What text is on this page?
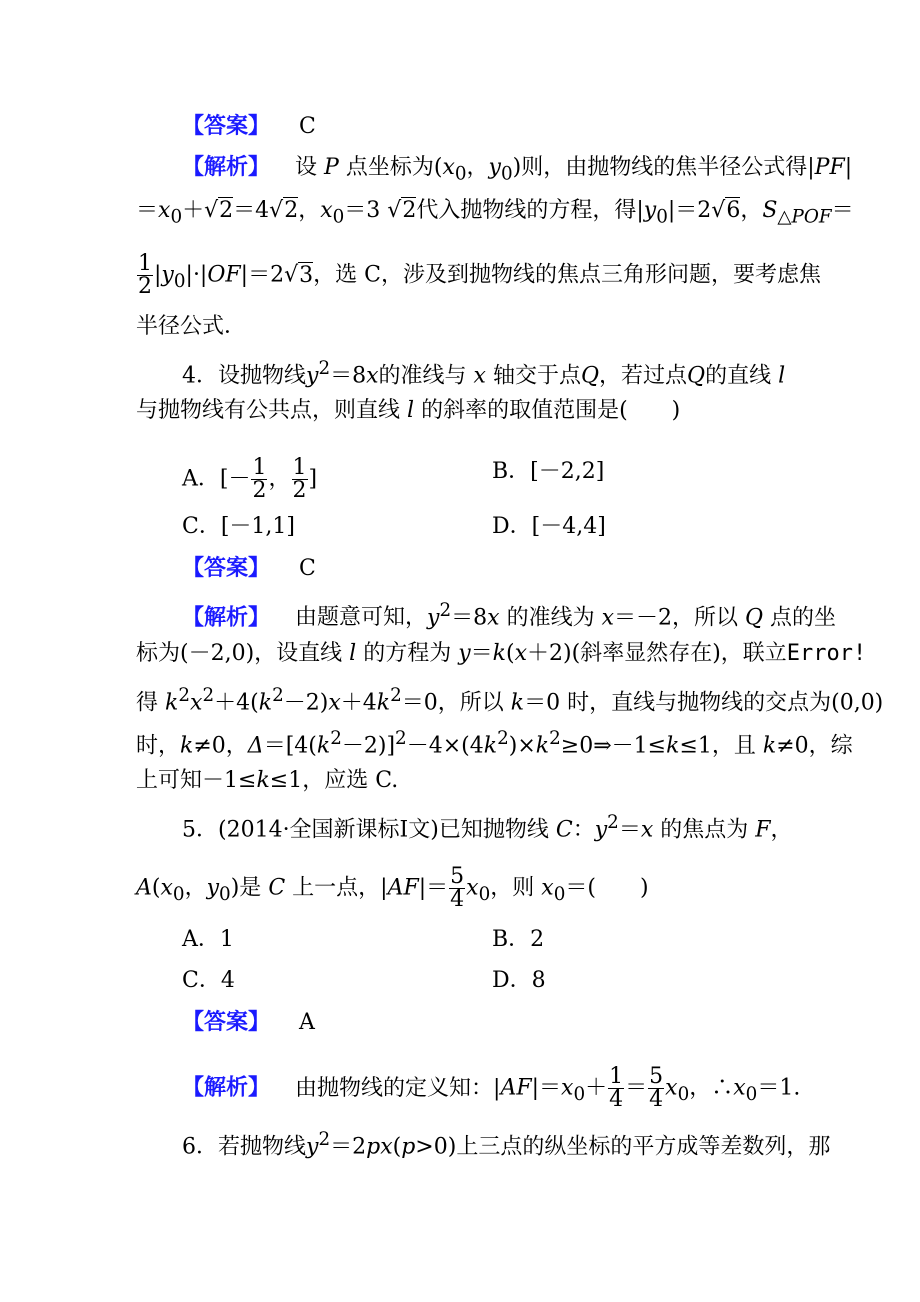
【答案】 C
【解析】 设 P 点坐标为($x_0$，$y_0$)则，由抛物线的焦半径公式得|PF|
$=x_0+√2=4√2$，$x_0=3$ √2代入抛物线的方程，得$|y_0|=2√6$，$S_{\triangle POF}=$
$\frac{1}{2} |y_0|\cdot|OF|=2√3$，选 C，涉及到抛物线的焦点三角形问题，要考虑焦
半径公式．
4．设抛物线$y^2=8x$的准线与 x 轴交于点Q，若过点Q的直线 l
与抛物线有公共点，则直线 l 的斜率的取值范围是(　　)
A．[－ $\frac{1}{2}$ ， $\frac{1}{2}$ ]	B．[－2,2]
C．[－1,1]	D．[－4,4]
【答案】 C
【解析】 由题意可知，$y^2=8x$ 的准线为 x＝－2，所以 Q 点的坐
标为(－2,0)，设直线 l 的方程为 y＝k(x＋2)(斜率显然存在)，联立Error!
得 $k^2x^2+4(k^2-2)x+4k^2=0$，所以 k＝0 时，直线与抛物线的交点为(0,0)
时，k≠0，$\Delta=[4(k^2-2)]^2-4\times(4k^2)\times k^2\ge 0\Rightarrow-1\le k\le 1$，且 k≠0，综
上可知－1≤k≤1，应选 C.
5．(2014·全国新课标Ⅰ文)已知抛物线 C：$y^2=x$ 的焦点为 F，
$A(x_0$，$y_0$)是 C 上一点，$|AF|= \frac{5}{4} x_0$，则 $x_0=$(　　)
A．1	B．2
C．4	D．8
【答案】 A
【解析】 由抛物线的定义知：$|AF|=x_0+ \frac{1}{4} = \frac{5}{4} x_0$，$\therefore x_0=1$.
6．若抛物线$y^2=2px(p>0)$上三点的纵坐标的平方成等差数列，那
